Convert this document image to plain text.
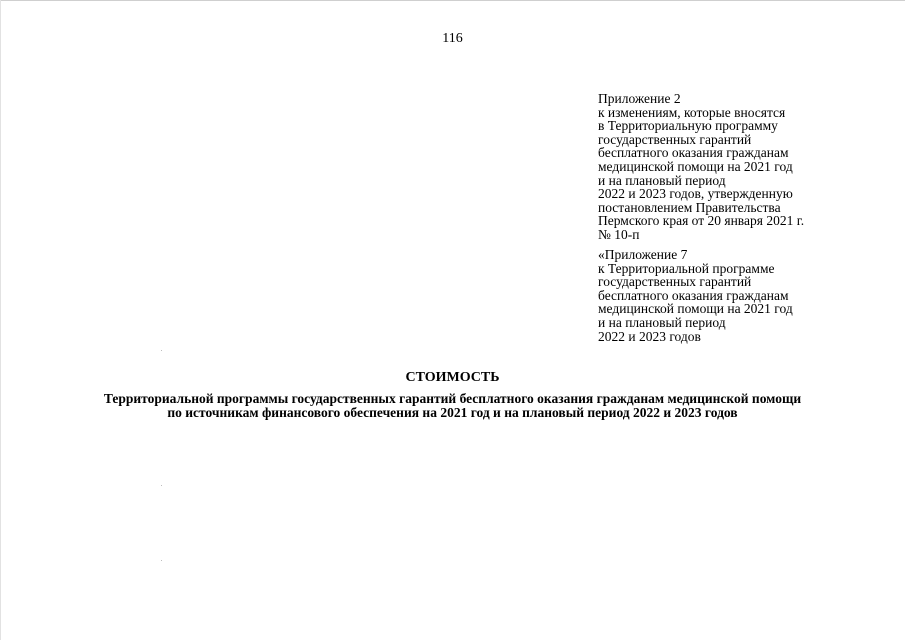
116
Приложение 2
к изменениям, которые вносятся
в Территориальную программу
государственных гарантий
бесплатного оказания гражданам
медицинской помощи на 2021 год
и на плановый период
2022 и 2023 годов, утвержденную
постановлением Правительства
Пермского края от 20 января 2021 г.
№ 10-п
«Приложение 7
к Территориальной программе
государственных гарантий
бесплатного оказания гражданам
медицинской помощи на 2021 год
и на плановый период
2022 и 2023 годов
СТОИМОСТЬ
Территориальной программы государственных гарантий бесплатного оказания гражданам медицинской помощи
по источникам финансового обеспечения на 2021 год и на плановый период 2022 и 2023 годов
